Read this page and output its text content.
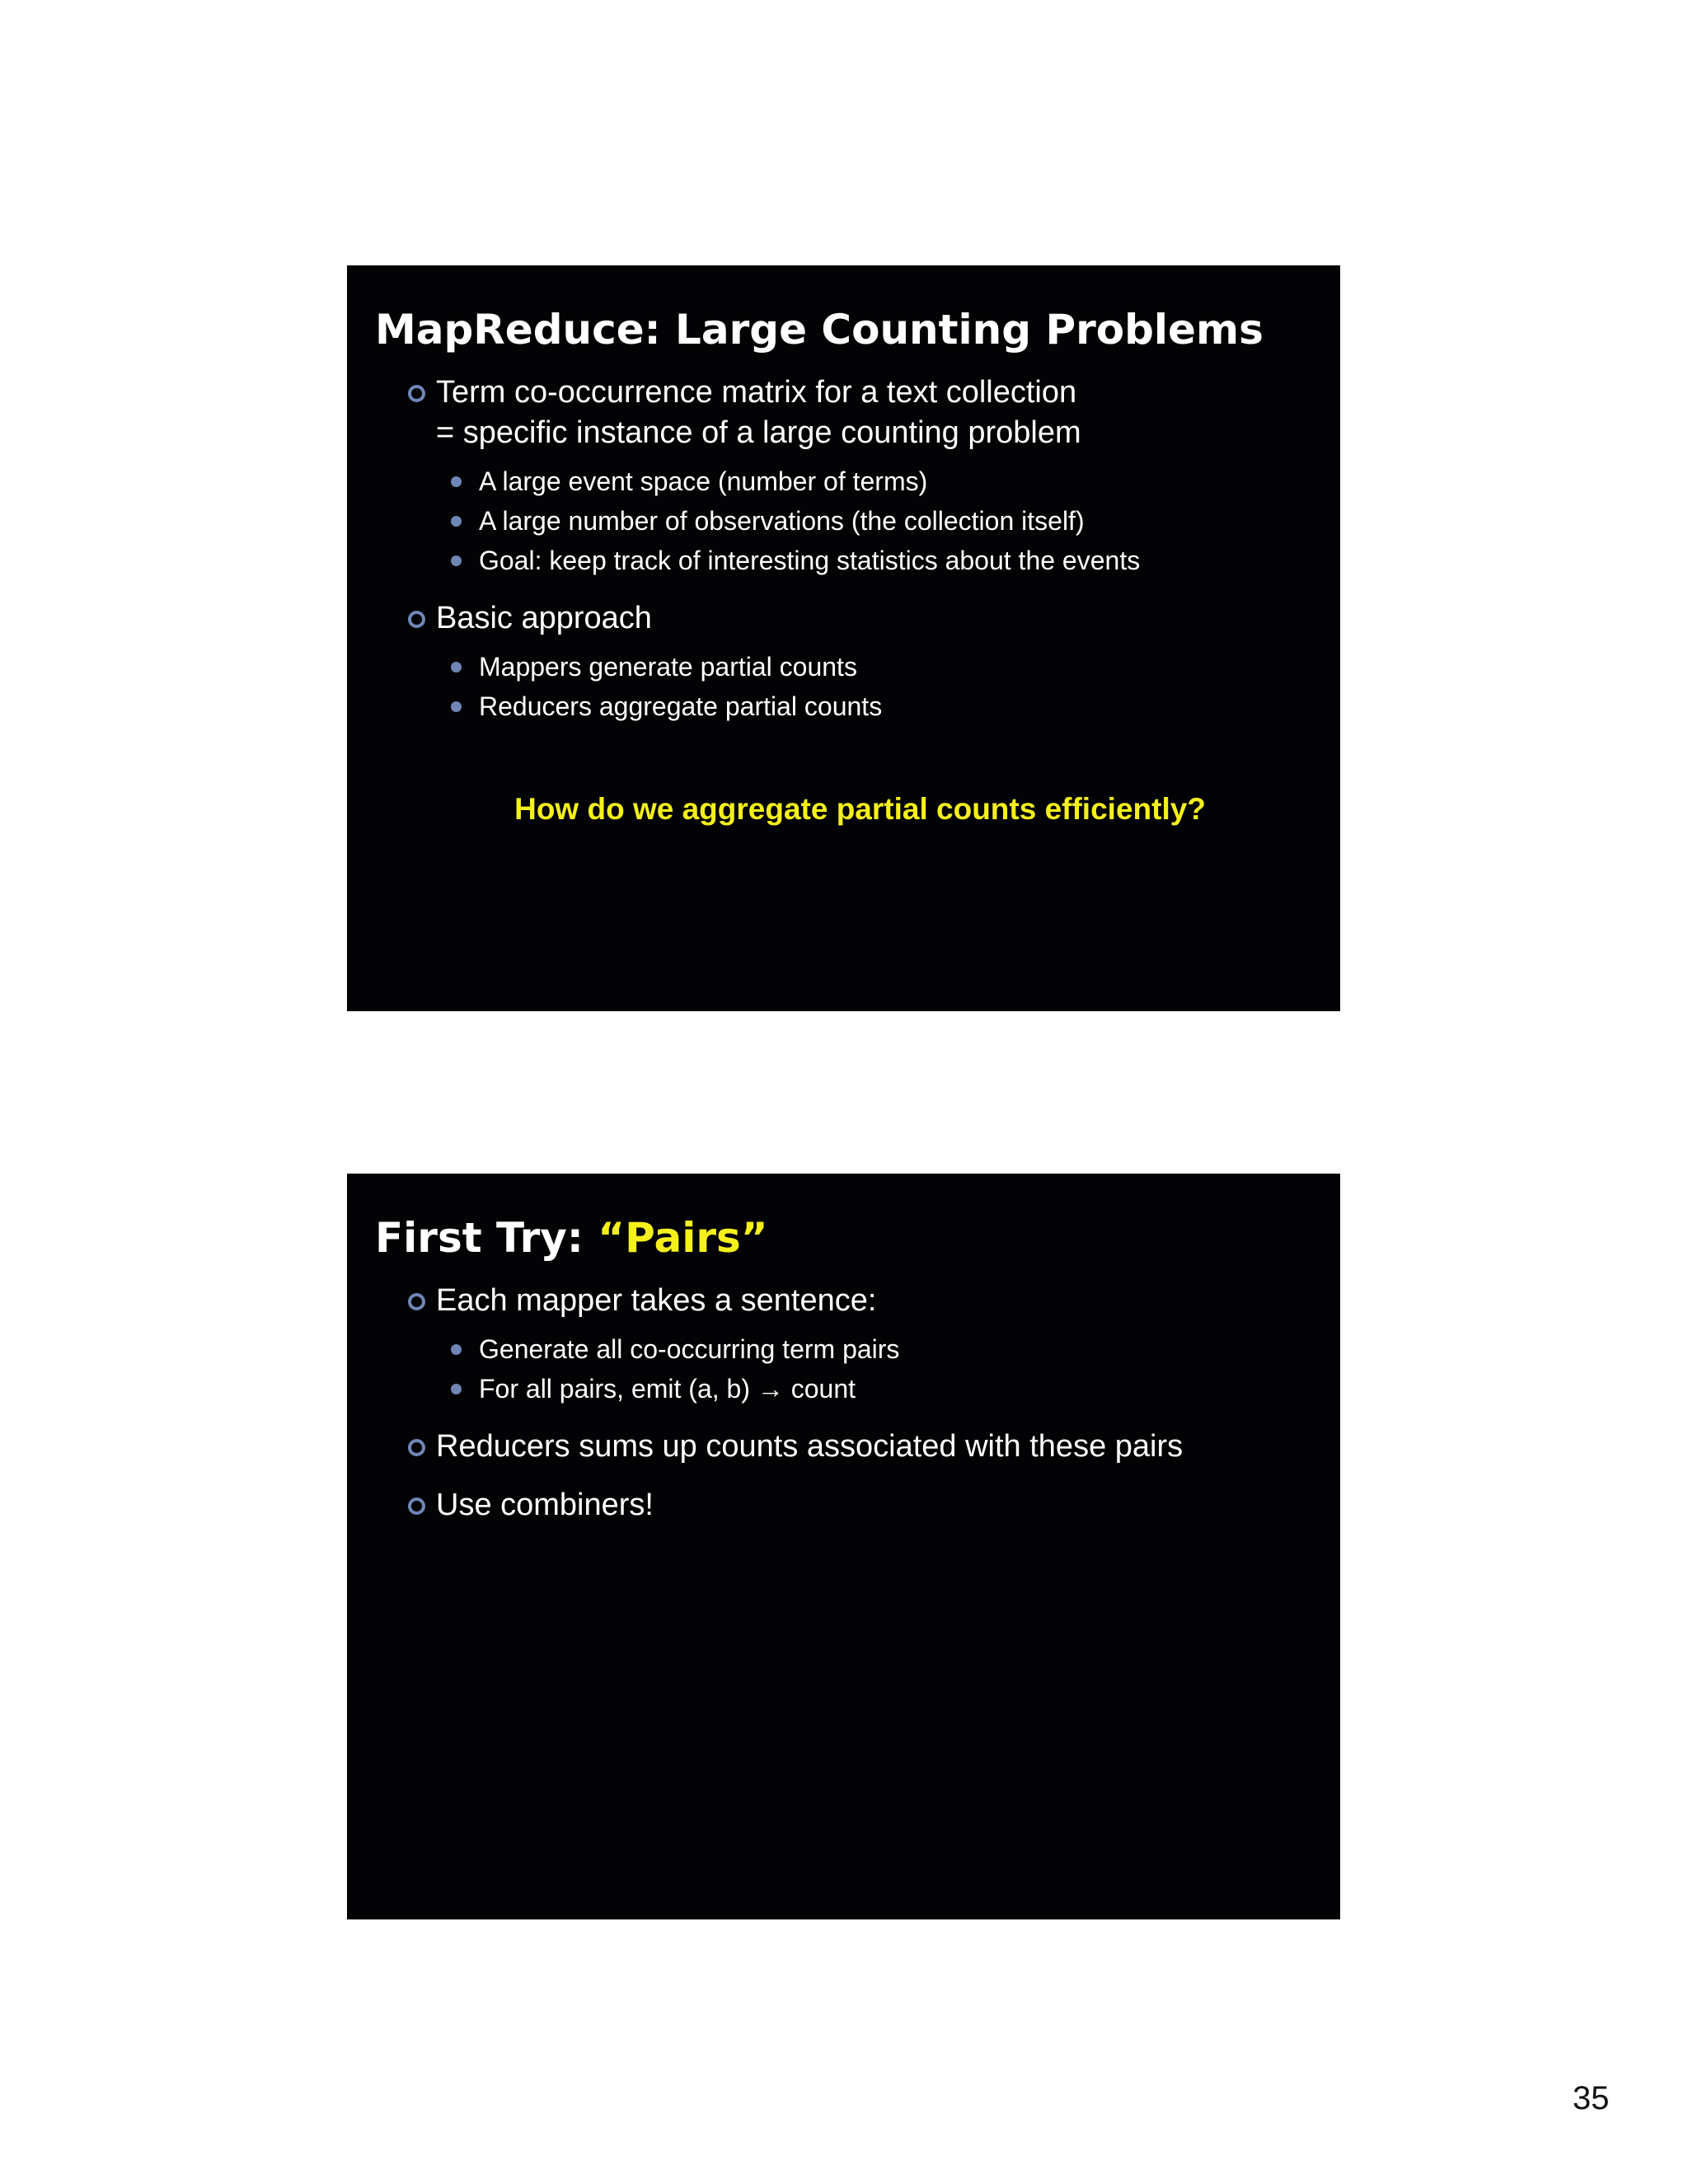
MapReduce: Large Counting Problems
Term co-occurrence matrix for a text collection
= specific instance of a large counting problem
A large event space (number of terms)
A large number of observations (the collection itself)
Goal: keep track of interesting statistics about the events
Basic approach
Mappers generate partial counts
Reducers aggregate partial counts
How do we aggregate partial counts efficiently?
First Try: “Pairs”
Each mapper takes a sentence:
Generate all co-occurring term pairs
For all pairs, emit (a, b) → count
Reducers sums up counts associated with these pairs
Use combiners!
35
